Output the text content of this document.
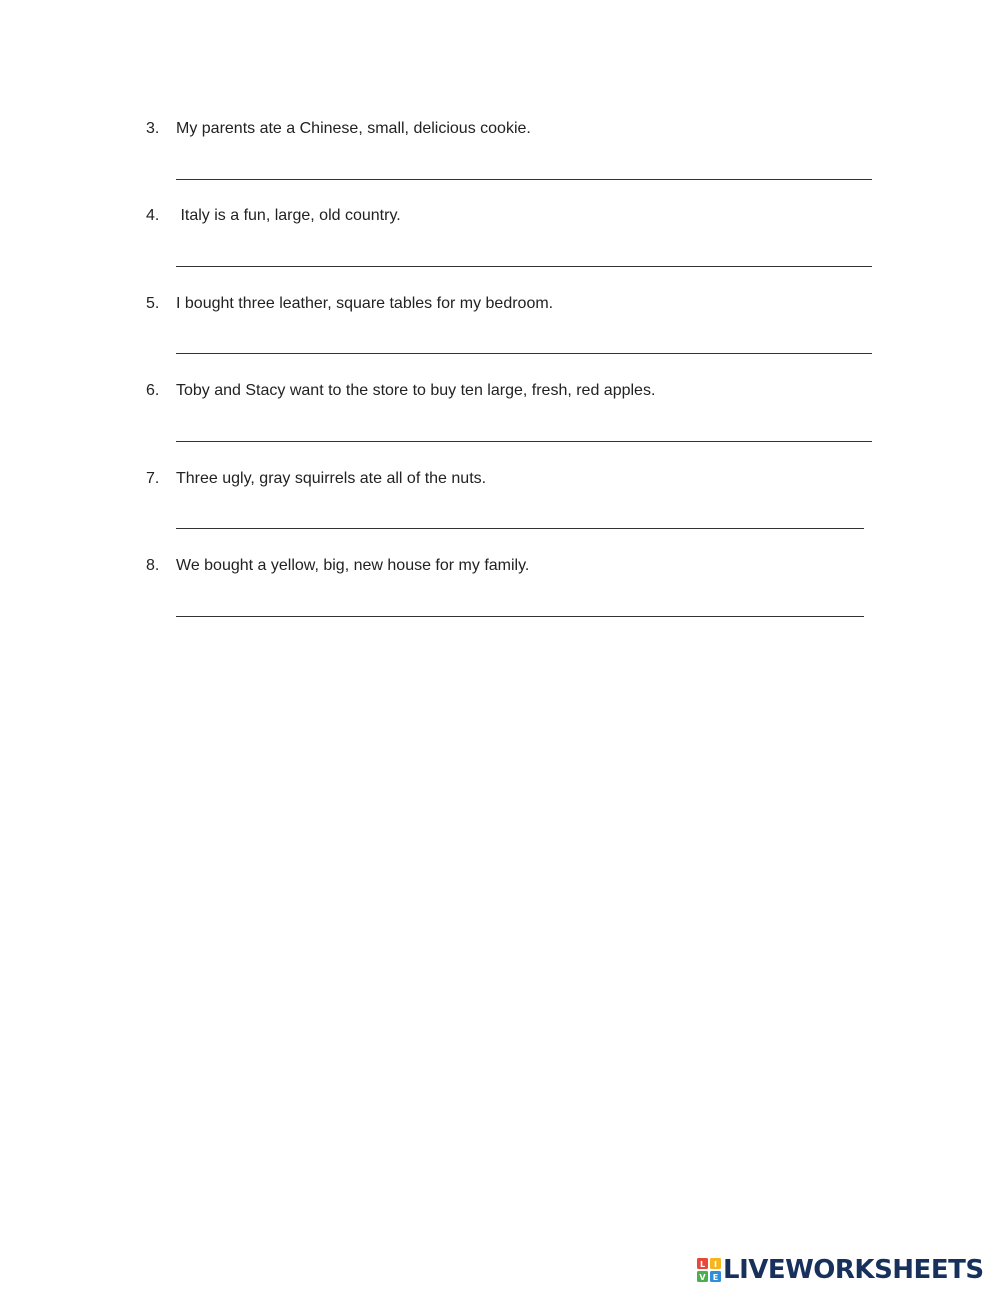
3. My parents ate a Chinese, small, delicious cookie.
4. Italy is a fun, large, old country.
5. I bought three leather, square tables for my bedroom.
6. Toby and Stacy want to the store to buy ten large, fresh, red apples.
7. Three ugly, gray squirrels ate all of the nuts.
8. We bought a yellow, big, new house for my family.
L I
V E LIVEWORKSHEETS
